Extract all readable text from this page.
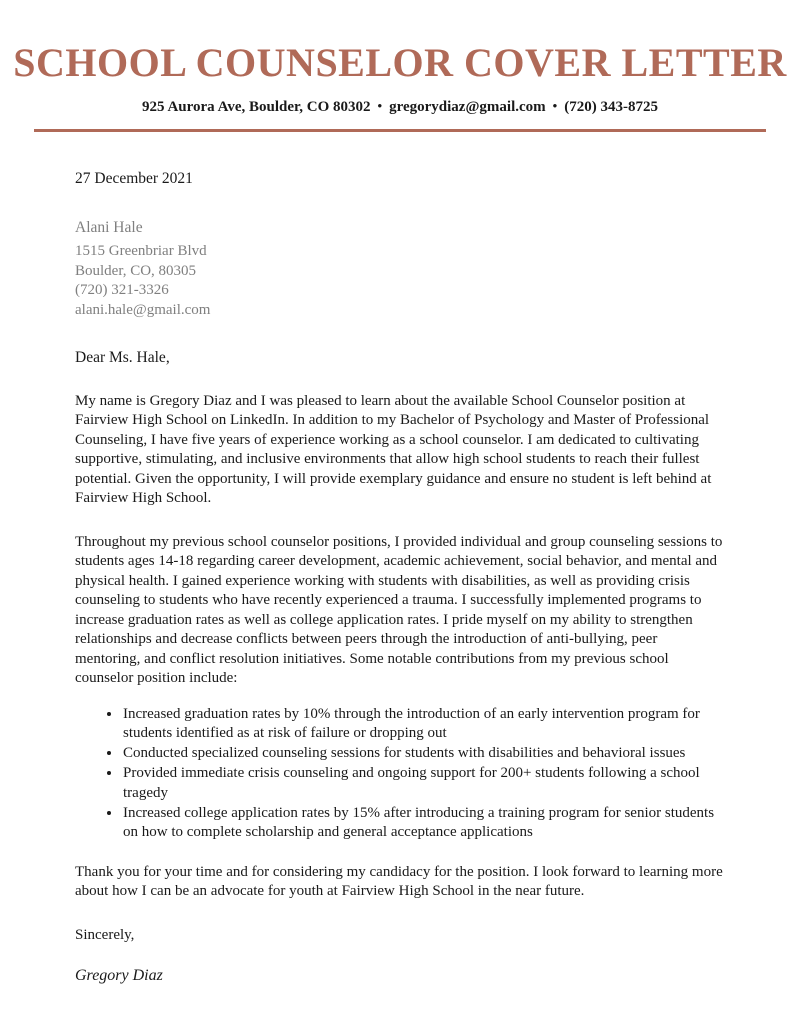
SCHOOL COUNSELOR COVER LETTER
925 Aurora Ave, Boulder, CO 80302 • gregorydiaz@gmail.com • (720) 343-8725
27 December 2021
Alani Hale
1515 Greenbriar Blvd
Boulder, CO, 80305
(720) 321-3326
alani.hale@gmail.com
Dear Ms. Hale,

My name is Gregory Diaz and I was pleased to learn about the available School Counselor position at Fairview High School on LinkedIn. In addition to my Bachelor of Psychology and Master of Professional Counseling, I have five years of experience working as a school counselor. I am dedicated to cultivating supportive, stimulating, and inclusive environments that allow high school students to reach their fullest potential. Given the opportunity, I will provide exemplary guidance and ensure no student is left behind at Fairview High School.

Throughout my previous school counselor positions, I provided individual and group counseling sessions to students ages 14-18 regarding career development, academic achievement, social behavior, and mental and physical health. I gained experience working with students with disabilities, as well as providing crisis counseling to students who have recently experienced a trauma. I successfully implemented programs to increase graduation rates as well as college application rates. I pride myself on my ability to strengthen relationships and decrease conflicts between peers through the introduction of anti-bullying, peer mentoring, and conflict resolution initiatives. Some notable contributions from my previous school counselor position include:

• Increased graduation rates by 10% through the introduction of an early intervention program for students identified as at risk of failure or dropping out
• Conducted specialized counseling sessions for students with disabilities and behavioral issues
• Provided immediate crisis counseling and ongoing support for 200+ students following a school tragedy
• Increased college application rates by 15% after introducing a training program for senior students on how to complete scholarship and general acceptance applications

Thank you for your time and for considering my candidacy for the position. I look forward to learning more about how I can be an advocate for youth at Fairview High School in the near future.

Sincerely,
Gregory Diaz
